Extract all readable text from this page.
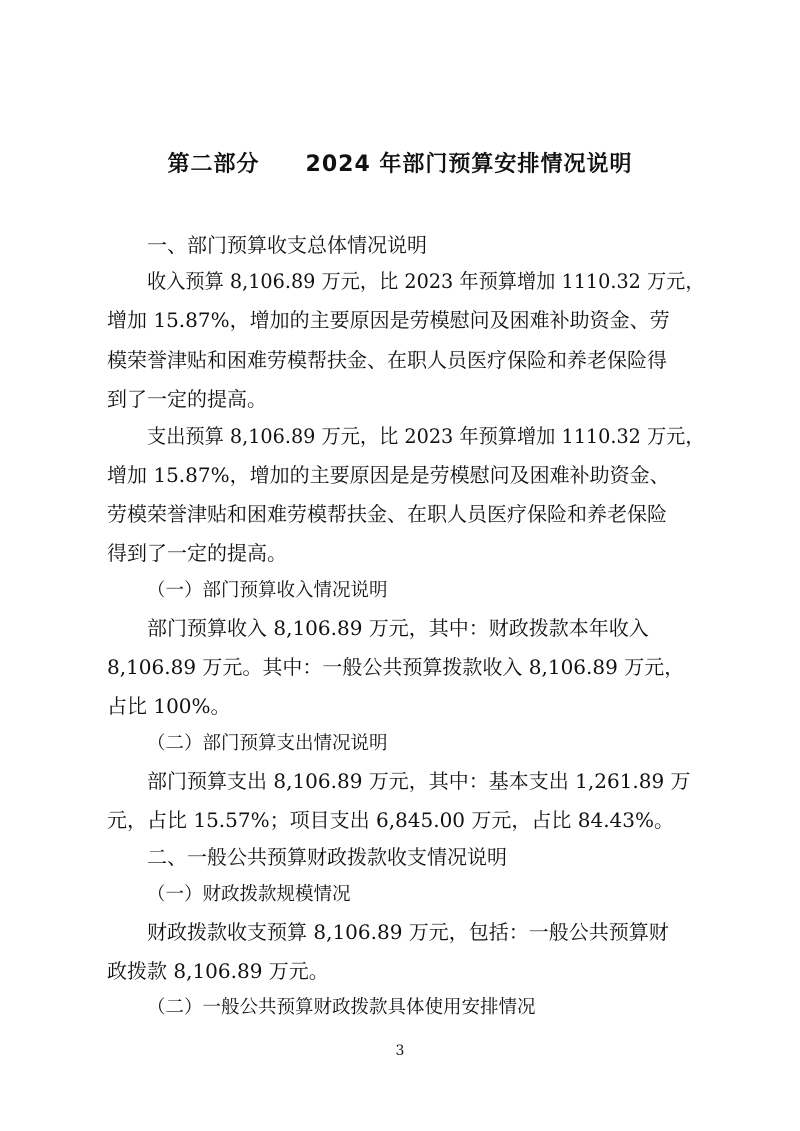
第二部分　　2024 年部门预算安排情况说明
一、部门预算收支总体情况说明
收入预算 8,106.89 万元，比 2023 年预算增加 1110.32 万元，
增加 15.87%，增加的主要原因是劳模慰问及困难补助资金、劳
模荣誉津贴和困难劳模帮扶金、在职人员医疗保险和养老保险得
到了一定的提高。
支出预算 8,106.89 万元，比 2023 年预算增加 1110.32 万元，
增加 15.87%，增加的主要原因是是劳模慰问及困难补助资金、
劳模荣誉津贴和困难劳模帮扶金、在职人员医疗保险和养老保险
得到了一定的提高。
（一）部门预算收入情况说明
部门预算收入 8,106.89 万元，其中：财政拨款本年收入
8,106.89 万元。其中：一般公共预算拨款收入 8,106.89 万元，
占比 100%。
（二）部门预算支出情况说明
部门预算支出 8,106.89 万元，其中：基本支出 1,261.89 万
元，占比 15.57%；项目支出 6,845.00 万元，占比 84.43%。
二、一般公共预算财政拨款收支情况说明
（一）财政拨款规模情况
财政拨款收支预算 8,106.89 万元，包括：一般公共预算财
政拨款 8,106.89 万元。
（二）一般公共预算财政拨款具体使用安排情况
3
